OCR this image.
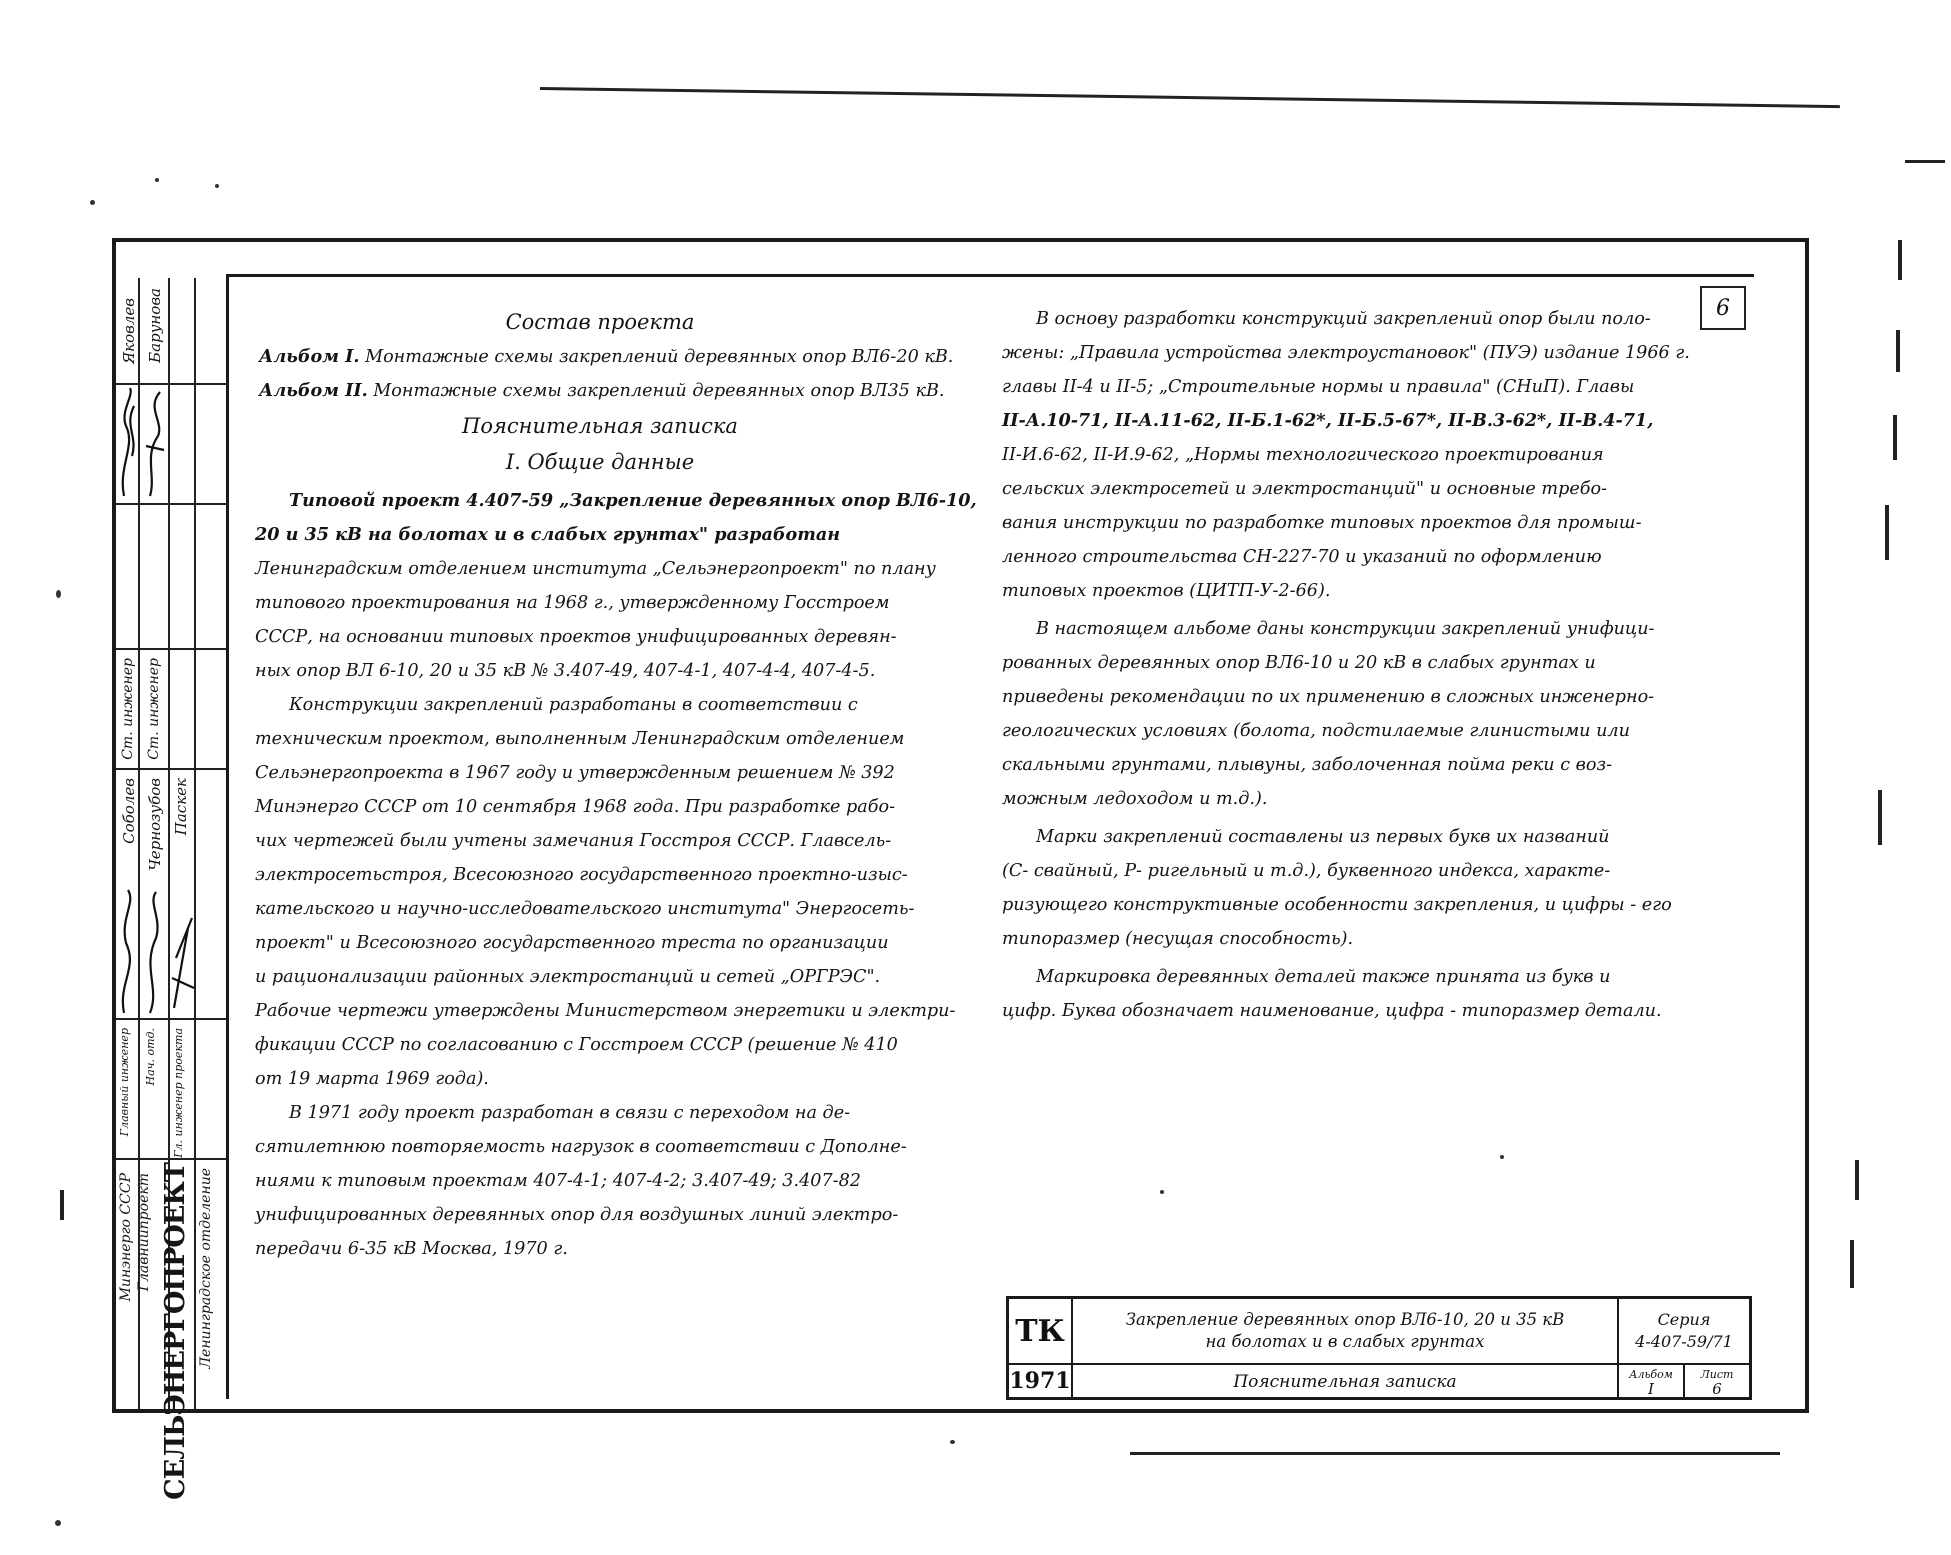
Минэнерго СССР Главниипроект СЕЛЬЭНЕРГОПРОЕКТ Ленинградское отделение
Главный инженер Нач. отд. Гл. инженер проекта
Ст. инженер Ст. инженер
Яковлев Барунова
Соболев Чернозубов Паскек
6

Состав проекта

Альбом I. Монтажные схемы закреплений деревянных опор ВЛ6-20 кВ.

Альбом II. Монтажные схемы закреплений деревянных опор ВЛ35 кВ.

Пояснительная записка

I. Общие данные

Типовой проект 4.407-59 „Закрепление деревянных опор ВЛ6-10,

20 и 35 кВ на болотах и в слабых грунтах" разработан

Ленинградским отделением института „Сельэнергопроект" по плану

типового проектирования на 1968 г., утвержденному Госстроем

СССР, на основании типовых проектов унифицированных деревян-

ных опор ВЛ 6-10, 20 и 35 кВ № 3.407-49, 407-4-1, 407-4-4, 407-4-5.

Конструкции закреплений разработаны в соответствии с

техническим проектом, выполненным Ленинградским отделением

Сельэнергопроекта в 1967 году и утвержденным решением № 392

Минэнерго СССР от 10 сентября 1968 года. При разработке рабо-

чих чертежей были учтены замечания Госстроя СССР. Главсель-

электросетьстроя, Всесоюзного государственного проектно-изыс-

кательского и научно-исследовательского института" Энергосеть-

проект" и Всесоюзного государственного треста по организации

и рационализации районных электростанций и сетей „ОРГРЭС".

Рабочие чертежи утверждены Министерством энергетики и электри-

фикации СССР по согласованию с Госстроем СССР (решение № 410

от 19 марта 1969 года).

В 1971 году проект разработан в связи с переходом на де-

сятилетнюю повторяемость нагрузок в соответствии с Дополне-

ниями к типовым проектам 407-4-1; 407-4-2; 3.407-49; 3.407-82

унифицированных деревянных опор для воздушных линий электро-

передачи 6-35 кВ Москва, 1970 г.

В основу разработки конструкций закреплений опор были поло-

жены: „Правила устройства электроустановок" (ПУЭ) издание 1966 г.

главы II-4 и II-5; „Строительные нормы и правила" (СНиП). Главы

II-А.10-71, II-А.11-62, II-Б.1-62*, II-Б.5-67*, II-В.3-62*, II-В.4-71,

II-И.6-62, II-И.9-62, „Нормы технологического проектирования

сельских электросетей и электростанций" и основные требо-

вания инструкции по разработке типовых проектов для промыш-

ленного строительства СН-227-70 и указаний по оформлению

типовых проектов (ЦИТП-У-2-66).

В настоящем альбоме даны конструкции закреплений унифици-

рованных деревянных опор ВЛ6-10 и 20 кВ в слабых грунтах и

приведены рекомендации по их применению в сложных инженерно-

геологических условиях (болота, подстилаемые глинистыми или

скальными грунтами, плывуны, заболоченная пойма реки с воз-

можным ледоходом и т.д.).

Марки закреплений составлены из первых букв их названий

(С- свайный, Р- ригельный и т.д.), буквенного индекса, характе-

ризующего конструктивные особенности закрепления, и цифры - его

типоразмер (несущая способность).

Маркировка деревянных деталей также принята из букв и

цифр. Буква обозначает наименование, цифра - типоразмер детали.

ТК
1971
Закрепление деревянных опор ВЛ6-10, 20 и 35 кВ
на болотах и в слабых грунтах
Пояснительная записка
Серия
4-407-59/71
Альбом
I
Лист
6
